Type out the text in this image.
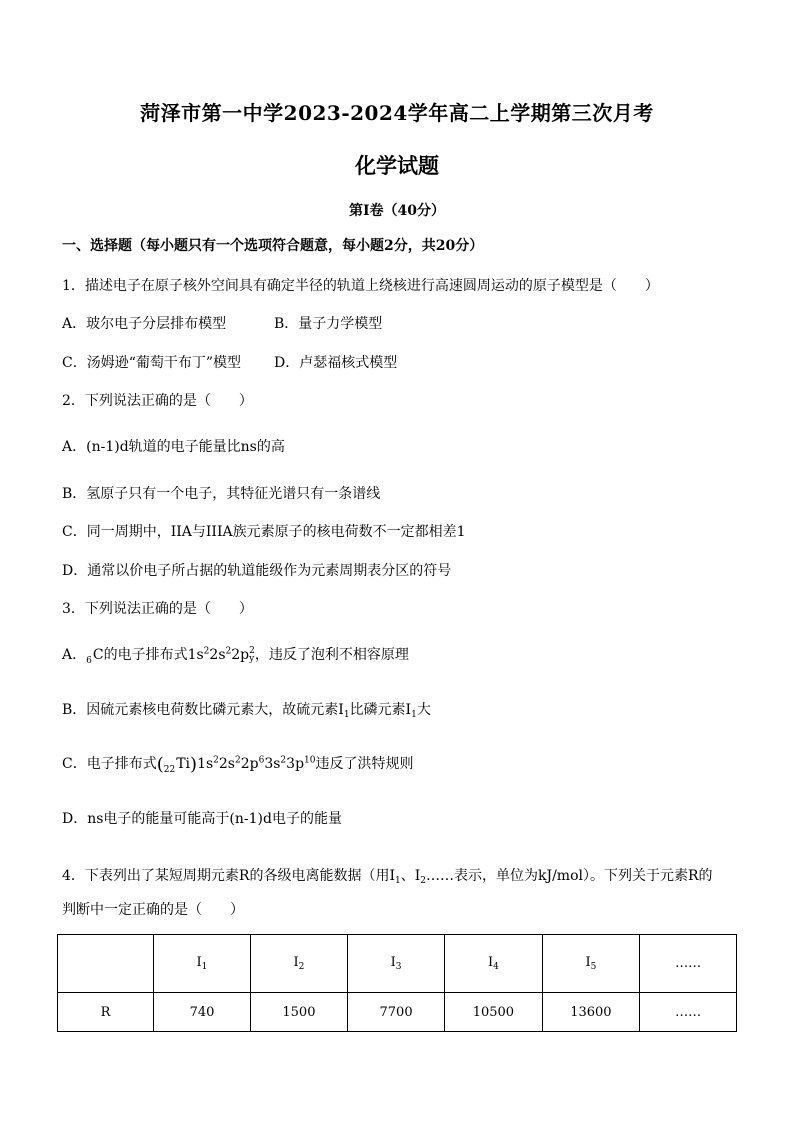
菏泽市第一中学2023-2024学年高二上学期第三次月考
化学试题
第I卷（40分）
一、选择题（每小题只有一个选项符合题意，每小题2分，共20分）
1．描述电子在原子核外空间具有确定半径的轨道上绕核进行高速圆周运动的原子模型是（　　）
A．玻尔电子分层排布模型	B．量子力学模型
C．汤姆逊“葡萄干布丁”模型 D．卢瑟福核式模型
2．下列说法正确的是（　　）
A．(n-1)d轨道的电子能量比ns的高
B．氢原子只有一个电子，其特征光谱只有一条谱线
C．同一周期中，IIA与IIIA族元素原子的核电荷数不一定都相差1
D．通常以价电子所占据的轨道能级作为元素周期表分区的符号
3．下列说法正确的是（　　）
A．$_6$C的电子排布式$1s^22s^22p$ 2
y ，违反了泡利不相容原理
B．因硫元素核电荷数比磷元素大，故硫元素$I_1$比磷元素$I_1$大
C．电子排布式$(_{22}Ti)1s^22s^22p^63s^23p^{10}$违反了洪特规则
D．ns电子的能量可能高于(n-1)d电子的能量
4．下表列出了某短周期元素R的各级电离能数据（用$I_1$、$I_2\dots\dots$表示，单位为kJ/mol）。下列关于元素R的
判断中一定正确的是（　　）
	$I_1$	$I_2$	$I_3$	$I_4$	$I_5$	……
R	740	1500	7700	10500	13600	……
